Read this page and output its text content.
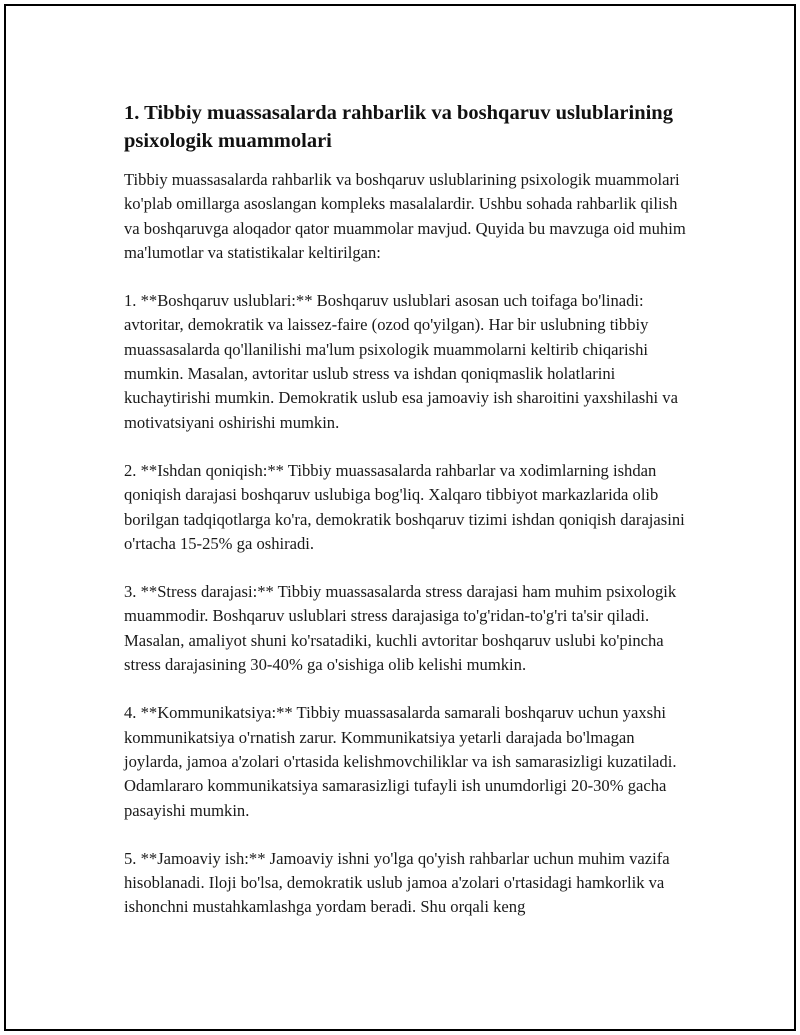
1. Tibbiy muassasalarda rahbarlik va boshqaruv uslublarining psixologik muammolari

Tibbiy muassasalarda rahbarlik va boshqaruv uslublarining psixologik muammolari ko'plab omillarga asoslangan kompleks masalalardir. Ushbu sohada rahbarlik qilish va boshqaruvga aloqador qator muammolar mavjud. Quyida bu mavzuga oid muhim ma'lumotlar va statistikalar keltirilgan:

1. **Boshqaruv uslublari:** Boshqaruv uslublari asosan uch toifaga bo'linadi: avtoritar, demokratik va laissez-faire (ozod qo'yilgan). Har bir uslubning tibbiy muassasalarda qo'llanilishi ma'lum psixologik muammolarni keltirib chiqarishi mumkin. Masalan, avtoritar uslub stress va ishdan qoniqmaslik holatlarini kuchaytirishi mumkin. Demokratik uslub esa jamoaviy ish sharoitini yaxshilashi va motivatsiyani oshirishi mumkin.

2. **Ishdan qoniqish:** Tibbiy muassasalarda rahbarlar va xodimlarning ishdan qoniqish darajasi boshqaruv uslubiga bog'liq. Xalqaro tibbiyot markazlarida olib borilgan tadqiqotlarga ko'ra, demokratik boshqaruv tizimi ishdan qoniqish darajasini o'rtacha 15-25% ga oshiradi.

3. **Stress darajasi:** Tibbiy muassasalarda stress darajasi ham muhim psixologik muammodir. Boshqaruv uslublari stress darajasiga to'g'ridan-to'g'ri ta'sir qiladi. Masalan, amaliyot shuni ko'rsatadiki, kuchli avtoritar boshqaruv uslubi ko'pincha stress darajasining 30-40% ga o'sishiga olib kelishi mumkin.

4. **Kommunikatsiya:** Tibbiy muassasalarda samarali boshqaruv uchun yaxshi kommunikatsiya o'rnatish zarur. Kommunikatsiya yetarli darajada bo'lmagan joylarda, jamoa a'zolari o'rtasida kelishmovchiliklar va ish samarasizligi kuzatiladi. Odamlararo kommunikatsiya samarasizligi tufayli ish unumdorligi 20-30% gacha pasayishi mumkin.

5. **Jamoaviy ish:** Jamoaviy ishni yo'lga qo'yish rahbarlar uchun muhim vazifa hisoblanadi. Iloji bo'lsa, demokratik uslub jamoa a'zolari o'rtasidagi hamkorlik va ishonchni mustahkamlashga yordam beradi. Shu orqali keng
